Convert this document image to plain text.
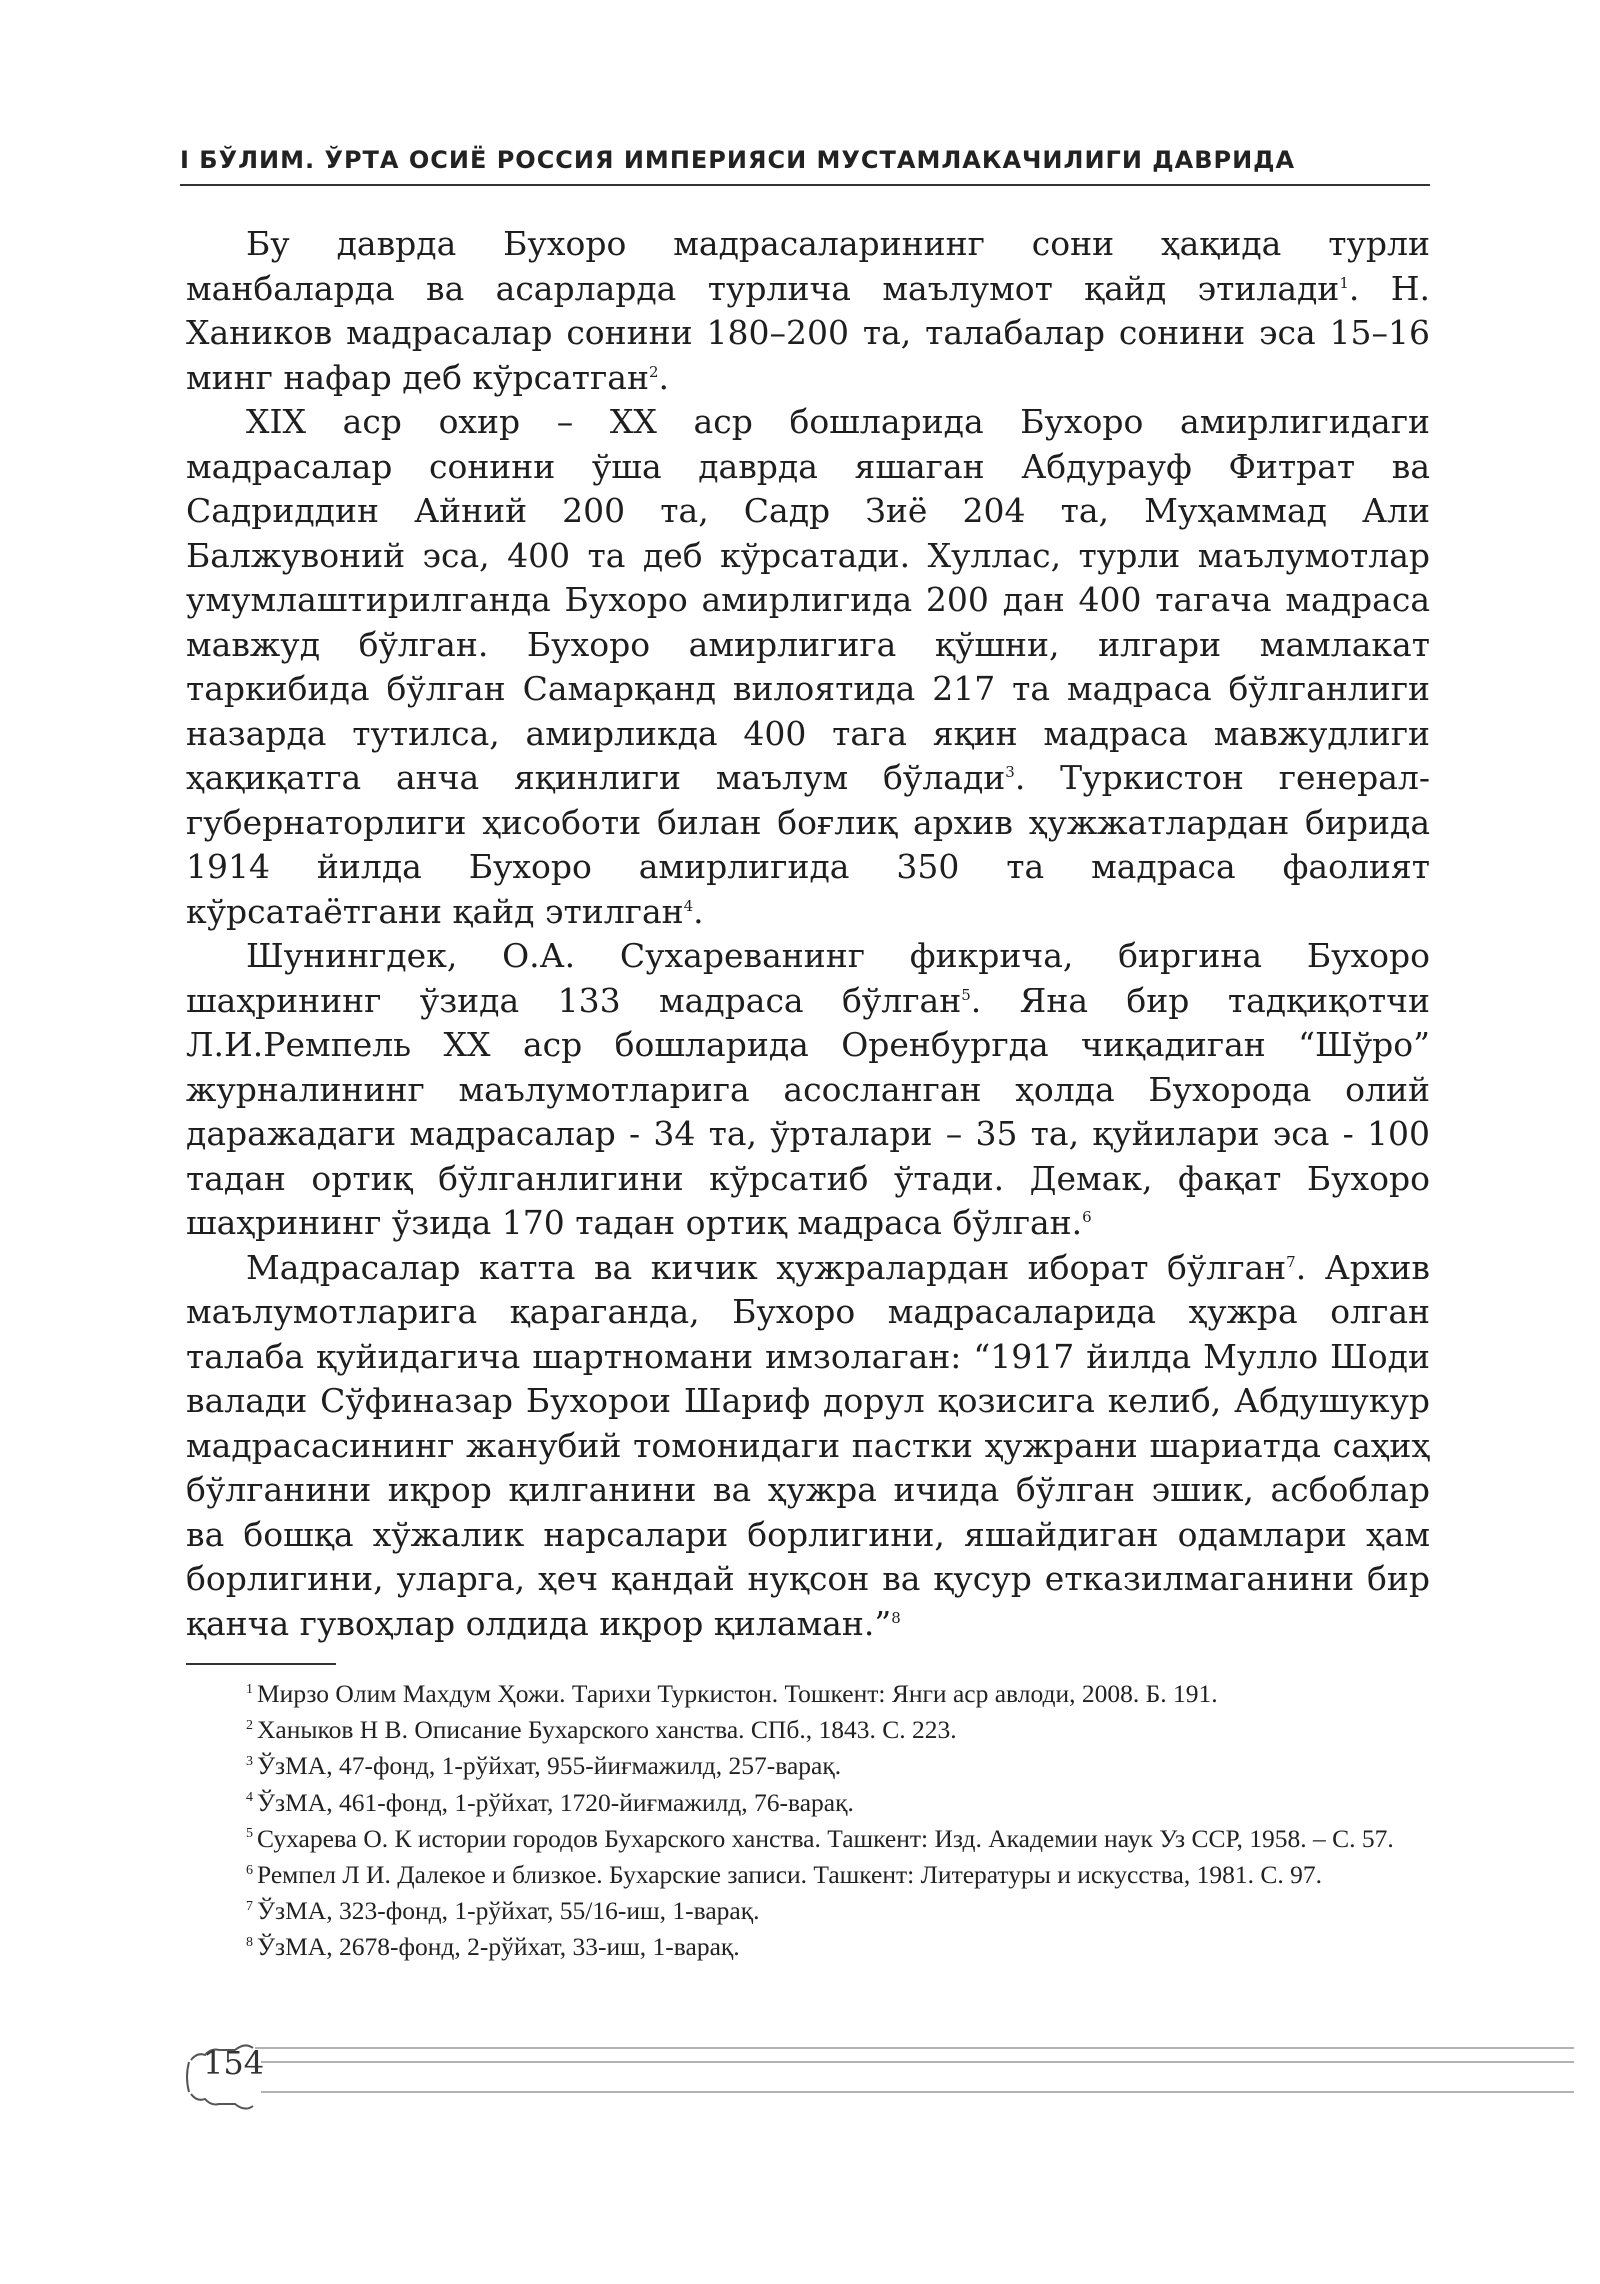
I БЎЛИМ. ЎРТА ОСИЁ РОССИЯ ИМПЕРИЯСИ МУСТАМЛАКАЧИЛИГИ ДАВРИДА

Бу даврда Бухоро мадрасаларининг сони ҳақида турли манбаларда ва асарларда турлича маълумот қайд этилади$^1$. Н. Хаников мадрасалар сонини 180–200 та, талабалар сонини эса 15–16 минг нафар деб кўрсатган$^2$.

XIX аср охир – XX аср бошларида Бухоро амирлигидаги мадрасалар сонини ўша даврда яшаган Абдурауф Фитрат ва Садриддин Айний 200 та, Садр Зиё 204 та, Муҳаммад Али Балжувоний эса, 400 та деб кўрсатади. Хуллас, турли маълумотлар умумлаштирилганда Бухоро амирлигида 200 дан 400 тагача мадраса мавжуд бўлган. Бухоро амирлигига қўшни, илгари мамлакат таркибида бўлган Самарқанд вилоятида 217 та мадраса бўлганлиги назарда тутилса, амирликда 400 тага яқин мадраса мавжудлиги ҳақиқатга анча яқинлиги маълум бўлади$^3$. Туркистон генерал-губернаторлиги ҳисоботи билан боғлиқ архив ҳужжатлардан бирида 1914 йилда Бухоро амирлигида 350 та мадраса фаолият кўрсатаётгани қайд этилган$^4$.

Шунингдек, О.А. Сухареванинг фикрича, биргина Бухоро шаҳрининг ўзида 133 мадраса бўлган$^5$. Яна бир тадқиқотчи Л.И.Ремпель XX аср бошларида Оренбургда чиқадиган “Шўро” журналининг маълумотларига асосланган ҳолда Бухорода олий даражадаги мадрасалар - 34 та, ўрталари – 35 та, қуйилари эса - 100 тадан ортиқ бўлганлигини кўрсатиб ўтади. Демак, фақат Бухоро шаҳрининг ўзида 170 тадан ортиқ мадраса бўлган.$^6$

Мадрасалар катта ва кичик ҳужралардан иборат бўлган$^7$. Архив маълумотларига қараганда, Бухоро мадрасаларида ҳужра олган талаба қуйидагича шартномани имзолаган: “1917 йилда Мулло Шоди валади Сўфиназар Бухорои Шариф дорул қозисига келиб, Абдушукур мадрасасининг жанубий томонидаги пастки ҳужрани шариатда саҳиҳ бўлганини иқрор қилганини ва ҳужра ичида бўлган эшик, асбоблар ва бошқа хўжалик нарсалари борлигини, яшайдиган одамлари ҳам борлигини, уларга, ҳеч қандай нуқсон ва қусур етказилмаганини бир қанча гувоҳлар олдида иқрор қиламан.”$^8$

$^1$ Мирзо Олим Махдум Ҳожи. Тарихи Туркистон. Тошкент: Янги аср авлоди, 2008. Б. 191.

$^2$ Ханыков Н В. Описание Бухарского ханства. СПб., 1843. С. 223.

$^3$ ЎзМА, 47-фонд, 1-рўйхат, 955-йиғмажилд, 257-варақ.

$^4$ ЎзМА, 461-фонд, 1-рўйхат, 1720-йиғмажилд, 76-варақ.

$^5$ Сухарева О. К истории городов Бухарского ханства. Ташкент: Изд. Академии наук Уз ССР, 1958. – С. 57.

$^6$ Ремпел Л И. Далекое и близкое. Бухарские записи. Ташкент: Литературы и искусства, 1981. С. 97.

$^7$ ЎзМА, 323-фонд, 1-рўйхат, 55/16-иш, 1-варақ.

$^8$ ЎзМА, 2678-фонд, 2-рўйхат, 33-иш, 1-варақ.

154
